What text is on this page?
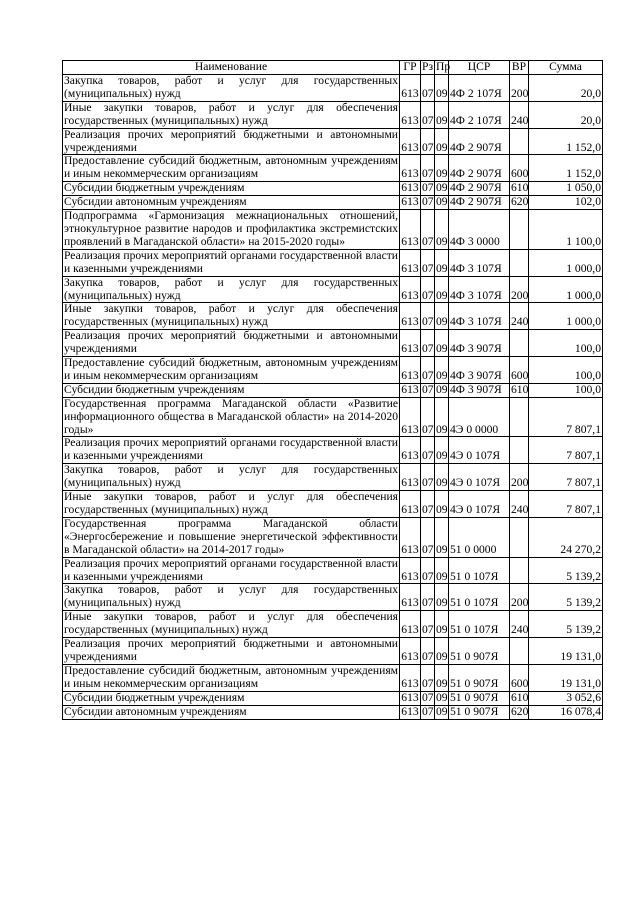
Наименование	ГР	Рз	Пр	ЦСР	ВР	Сумма
Закупка товаров, работ и услуг для государственных (муниципальных) нужд	613	07	09	4Ф 2 107Я	200	20,0
Иные закупки товаров, работ и услуг для обеспечения государственных (муниципальных) нужд	613	07	09	4Ф 2 107Я	240	20,0
Реализация прочих мероприятий бюджетными и автономными учреждениями	613	07	09	4Ф 2 907Я		1 152,0
Предоставление субсидий бюджетным, автономным учреждениям и иным некоммерческим организациям	613	07	09	4Ф 2 907Я	600	1 152,0
Субсидии бюджетным учреждениям	613	07	09	4Ф 2 907Я	610	1 050,0
Субсидии автономным учреждениям	613	07	09	4Ф 2 907Я	620	102,0
Подпрограмма «Гармонизация межнациональных отношений, этнокультурное развитие народов и профилактика экстремистских проявлений в Магаданской области» на 2015-2020 годы»	613	07	09	4Ф 3 0000		1 100,0
Реализация прочих мероприятий органами государственной власти и казенными учреждениями	613	07	09	4Ф 3 107Я		1 000,0
Закупка товаров, работ и услуг для государственных (муниципальных) нужд	613	07	09	4Ф 3 107Я	200	1 000,0
Иные закупки товаров, работ и услуг для обеспечения государственных (муниципальных) нужд	613	07	09	4Ф 3 107Я	240	1 000,0
Реализация прочих мероприятий бюджетными и автономными учреждениями	613	07	09	4Ф 3 907Я		100,0
Предоставление субсидий бюджетным, автономным учреждениям и иным некоммерческим организациям	613	07	09	4Ф 3 907Я	600	100,0
Субсидии бюджетным учреждениям	613	07	09	4Ф 3 907Я	610	100,0
Государственная программа Магаданской области «Развитие информационного общества в Магаданской области» на 2014-2020 годы»	613	07	09	4Э 0 0000		7 807,1
Реализация прочих мероприятий органами государственной власти и казенными учреждениями	613	07	09	4Э 0 107Я		7 807,1
Закупка товаров, работ и услуг для государственных (муниципальных) нужд	613	07	09	4Э 0 107Я	200	7 807,1
Иные закупки товаров, работ и услуг для обеспечения государственных (муниципальных) нужд	613	07	09	4Э 0 107Я	240	7 807,1
Государственная программа Магаданской области «Энергосбережение и повышение энергетической эффективности в Магаданской области» на 2014-2017 годы»	613	07	09	51 0 0000		24 270,2
Реализация прочих мероприятий органами государственной власти и казенными учреждениями	613	07	09	51 0 107Я		5 139,2
Закупка товаров, работ и услуг для государственных (муниципальных) нужд	613	07	09	51 0 107Я	200	5 139,2
Иные закупки товаров, работ и услуг для обеспечения государственных (муниципальных) нужд	613	07	09	51 0 107Я	240	5 139,2
Реализация прочих мероприятий бюджетными и автономными учреждениями	613	07	09	51 0 907Я		19 131,0
Предоставление субсидий бюджетным, автономным учреждениям и иным некоммерческим организациям	613	07	09	51 0 907Я	600	19 131,0
Субсидии бюджетным учреждениям	613	07	09	51 0 907Я	610	3 052,6
Субсидии автономным учреждениям	613	07	09	51 0 907Я	620	16 078,4
